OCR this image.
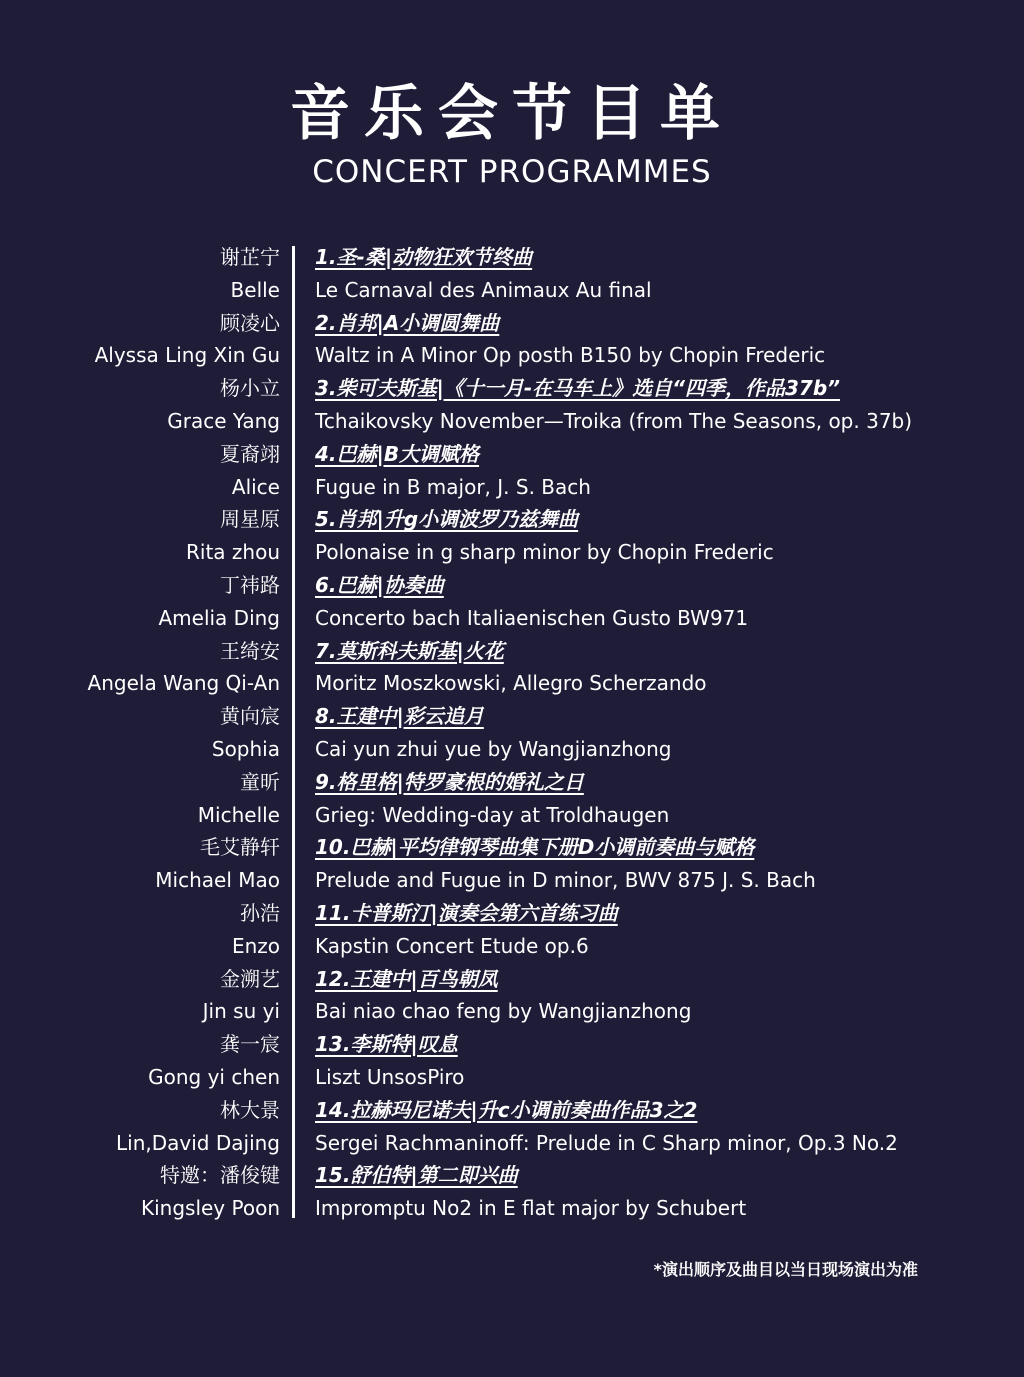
音乐会节目单
CONCERT PROGRAMMES
谢芷宁 1.圣-桑|动物狂欢节终曲
Belle Le Carnaval des Animaux Au final
顾凌心 2.肖邦|A小调圆舞曲
Alyssa Ling Xin Gu Waltz in A Minor Op posth B150 by Chopin Frederic
杨小立 3.柴可夫斯基|《十一月-在马车上》选自“四季，作品37b”
Grace Yang Tchaikovsky November—Troika (from The Seasons, op. 37b)
夏裔翊 4.巴赫|B大调赋格
Alice Fugue in B major, J. S. Bach
周星原 5.肖邦|升g小调波罗乃兹舞曲
Rita zhou Polonaise in g sharp minor by Chopin Frederic
丁祎路 6.巴赫|协奏曲
Amelia Ding Concerto bach Italiaenischen Gusto BW971
王绮安 7.莫斯科夫斯基|火花
Angela Wang Qi-An Moritz Moszkowski, Allegro Scherzando
黄向宸 8.王建中|彩云追月
Sophia Cai yun zhui yue by Wangjianzhong
童昕 9.格里格|特罗豪根的婚礼之日
Michelle Grieg: Wedding-day at Troldhaugen
毛艾静轩 10.巴赫|平均律钢琴曲集下册D小调前奏曲与赋格
Michael Mao Prelude and Fugue in D minor, BWV 875 J. S. Bach
孙浩 11.卡普斯汀|演奏会第六首练习曲
Enzo Kapstin Concert Etude op.6
金溯艺 12.王建中|百鸟朝凤
Jin su yi Bai niao chao feng by Wangjianzhong
龚一宸 13.李斯特|叹息
Gong yi chen Liszt UnsosPiro
林大景 14.拉赫玛尼诺夫|升c小调前奏曲作品3之2
Lin,David Dajing Sergei Rachmaninoff: Prelude in C Sharp minor, Op.3 No.2
特邀：潘俊键 15.舒伯特|第二即兴曲
Kingsley Poon Impromptu No2 in E flat major by Schubert
*演出顺序及曲目以当日现场演出为准
